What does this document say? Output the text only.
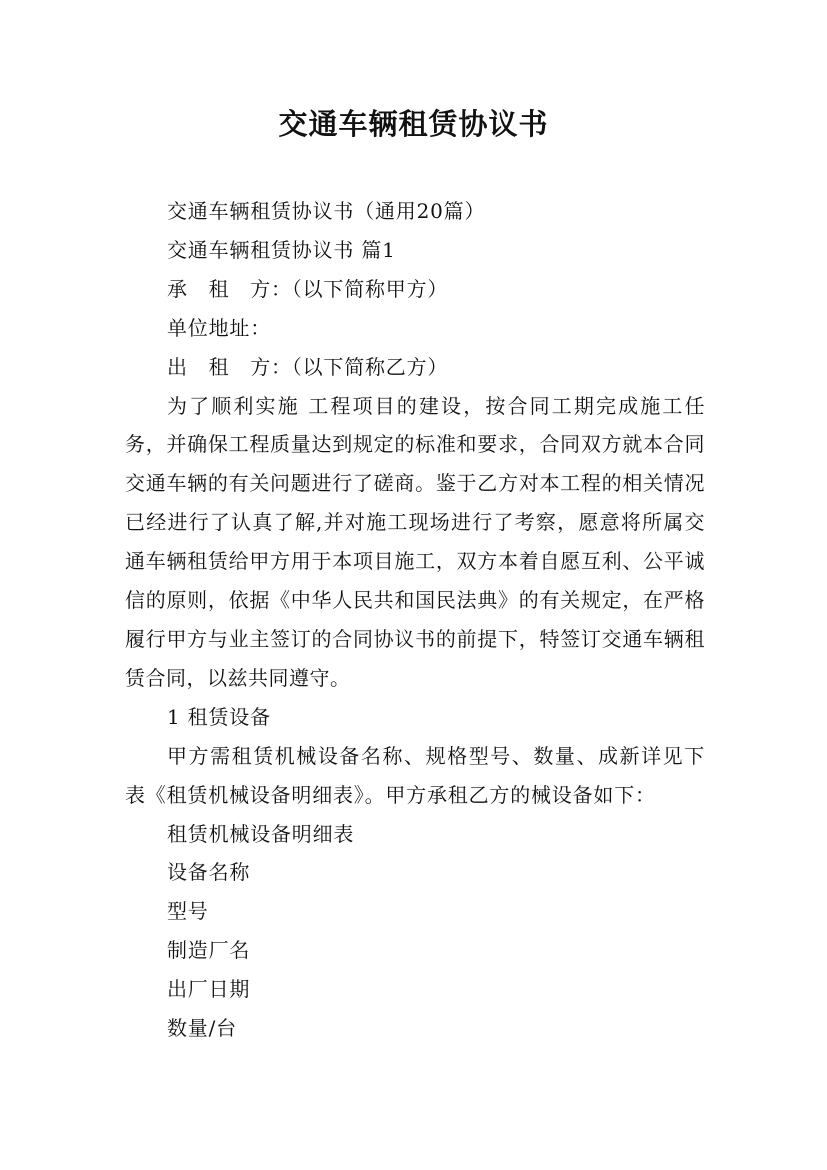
交通车辆租赁协议书

交通车辆租赁协议书（通用20篇）

交通车辆租赁协议书 篇1

承　租　方：（以下简称甲方）

单位地址：

出　租　方：（以下简称乙方）

为了顺利实施 工程项目的建设，按合同工期完成施工任务，并确保工程质量达到规定的标准和要求，合同双方就本合同交通车辆的有关问题进行了磋商。鉴于乙方对本工程的相关情况已经进行了认真了解,并对施工现场进行了考察，愿意将所属交通车辆租赁给甲方用于本项目施工，双方本着自愿互利、公平诚信的原则，依据《中华人民共和国民法典》的有关规定，在严格履行甲方与业主签订的合同协议书的前提下，特签订交通车辆租赁合同，以兹共同遵守。

1 租赁设备

甲方需租赁机械设备名称、规格型号、数量、成新详见下表《租赁机械设备明细表》。甲方承租乙方的械设备如下：

租赁机械设备明细表

设备名称

型号

制造厂名

出厂日期

数量/台
